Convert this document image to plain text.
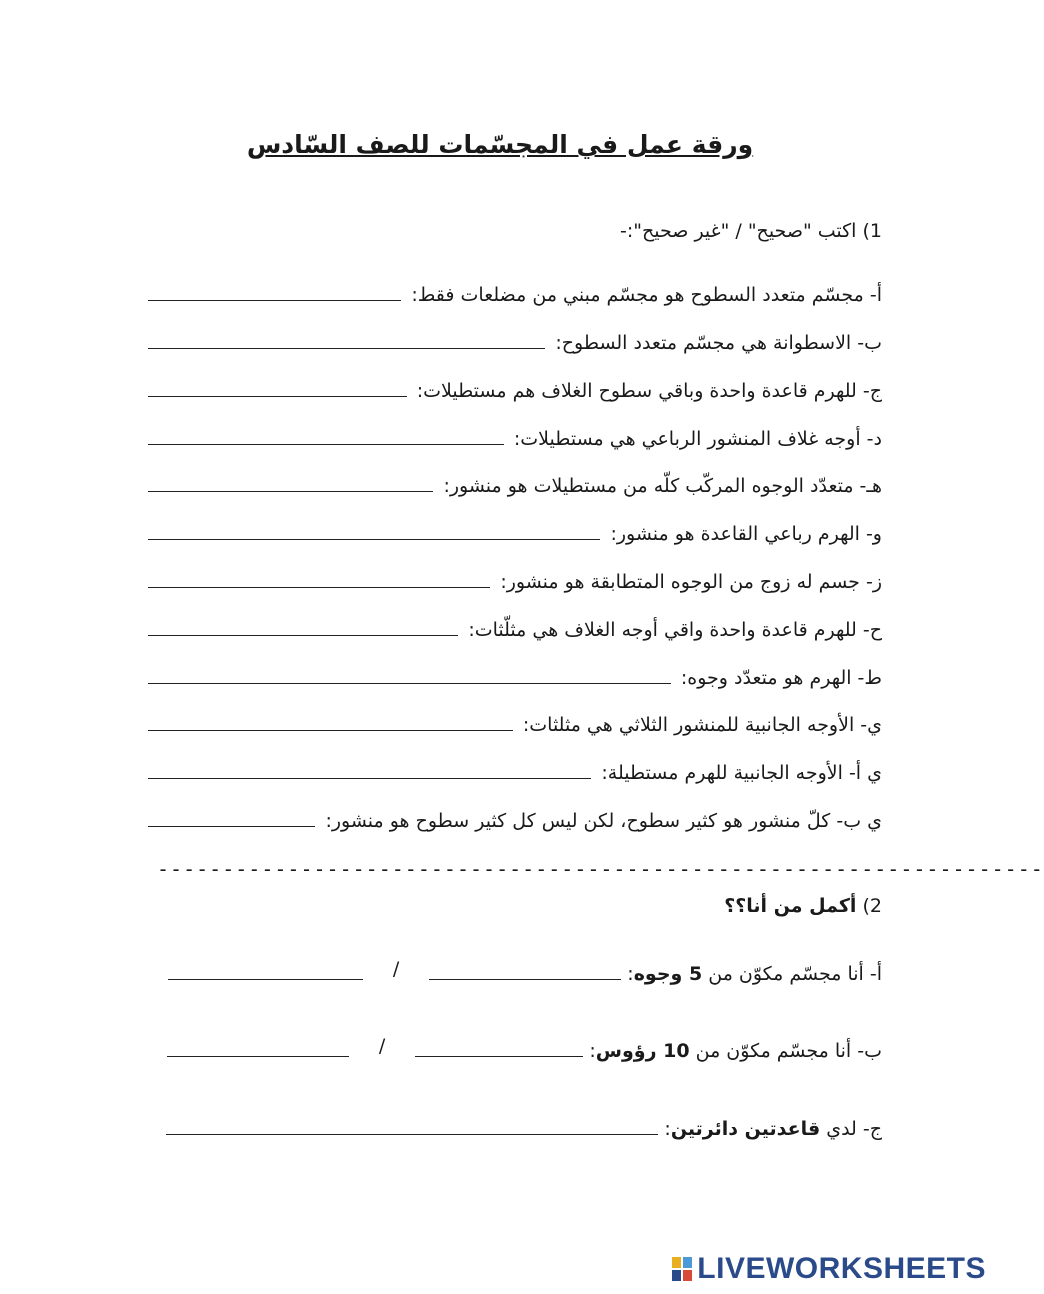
ورقة عمل في المجسّمات للصف السّادس
1) اكتب "صحيح" / "غير صحيح":-
أ- مجسّم متعدد السطوح هو مجسّم مبني من مضلعات فقط:
ب- الاسطوانة هي مجسّم متعدد السطوح:
ج- للهرم قاعدة واحدة وباقي سطوح الغلاف هم مستطيلات:
د- أوجه غلاف المنشور الرباعي هي مستطيلات:
هـ- متعدّد الوجوه المركّب كلّه من مستطيلات هو منشور:
و- الهرم رباعي القاعدة هو منشور:
ز- جسم له زوج من الوجوه المتطابقة هو منشور:
ح- للهرم قاعدة واحدة واقي أوجه الغلاف هي مثلّثات:
ط- الهرم هو متعدّد وجوه:
ي- الأوجه الجانبية للمنشور الثلاثي هي مثلثات:
ي أ- الأوجه الجانبية للهرم مستطيلة:
ي ب- كلّ منشور هو كثير سطوح، لكن ليس كل كثير سطوح هو منشور:
--------------------------------------------------------------------
2) أكمل من أنا؟؟
أ- أنا مجسّم مكوّن من 5 وجوه:
/
ب- أنا مجسّم مكوّن من 10 رؤوس:
/
ج- لدي قاعدتين دائرتين:
LIVEWORKSHEETS
